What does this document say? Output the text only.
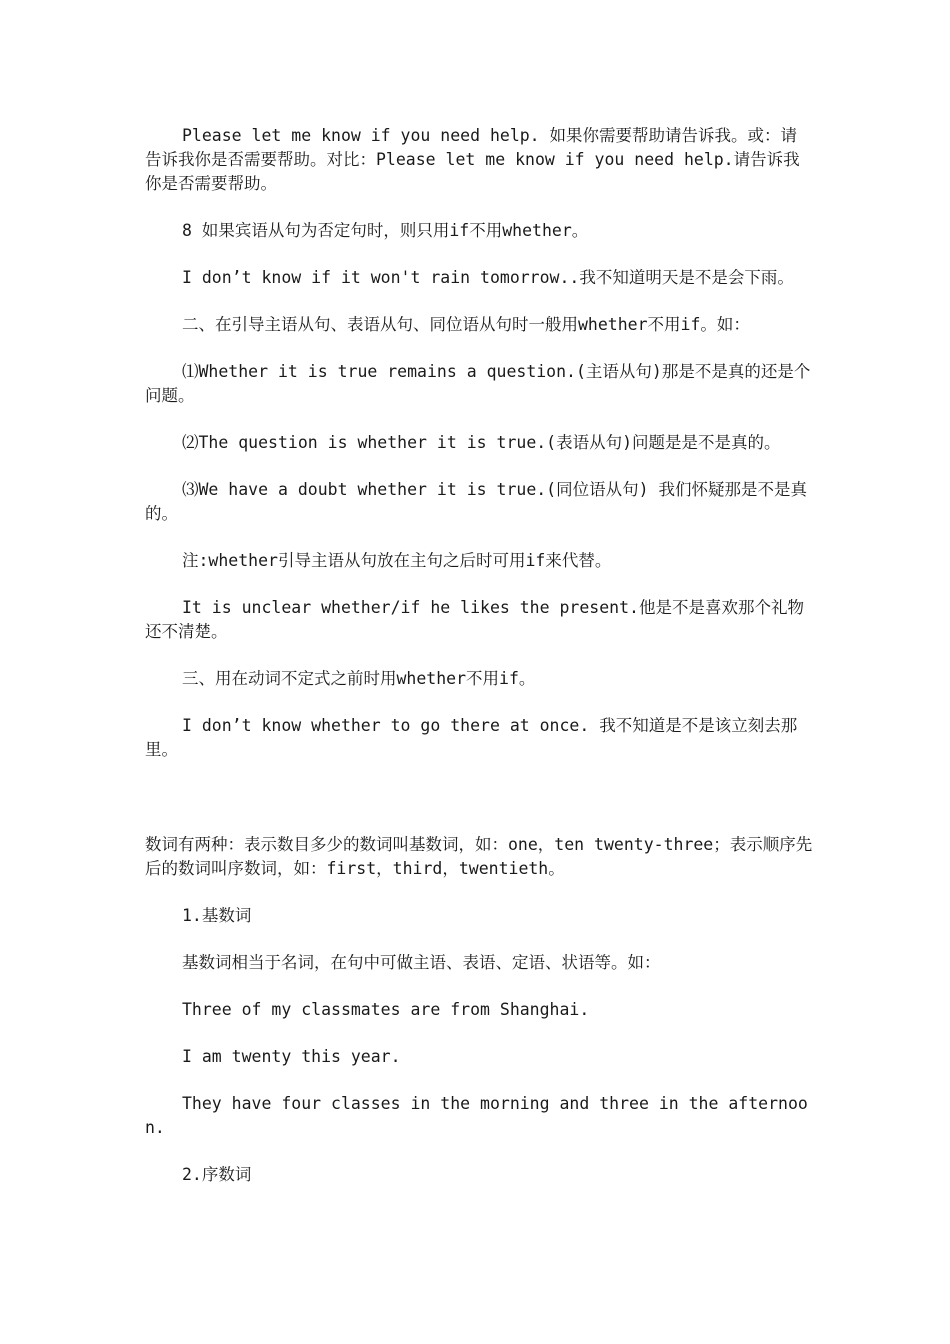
Please let me know if you need help. 如果你需要帮助请告诉我。或：请告诉我你是否需要帮助。对比：Please let me know if you need help.请告诉我你是否需要帮助。

8 如果宾语从句为否定句时，则只用if不用whether。

I don’t know if it won't rain tomorrow..我不知道明天是不是会下雨。

二、在引导主语从句、表语从句、同位语从句时一般用whether不用if。如：

⑴Whether it is true remains a question.(主语从句)那是不是真的还是个问题。

⑵The question is whether it is true.(表语从句)问题是是不是真的。

⑶We have a doubt whether it is true.(同位语从句) 我们怀疑那是不是真的。

注:whether引导主语从句放在主句之后时可用if来代替。

It is unclear whether/if he likes the present.他是不是喜欢那个礼物还不清楚。

三、用在动词不定式之前时用whether不用if。

I don’t know whether to go there at once. 我不知道是不是该立刻去那里。

数词有两种：表示数目多少的数词叫基数词，如：one，ten twenty-three；表示顺序先后的数词叫序数词，如：first，third，twentieth。

1.基数词

基数词相当于名词，在句中可做主语、表语、定语、状语等。如：

Three of my classmates are from Shanghai.

I am twenty this year.

They have four classes in the morning and three in the afternoon.

2.序数词
